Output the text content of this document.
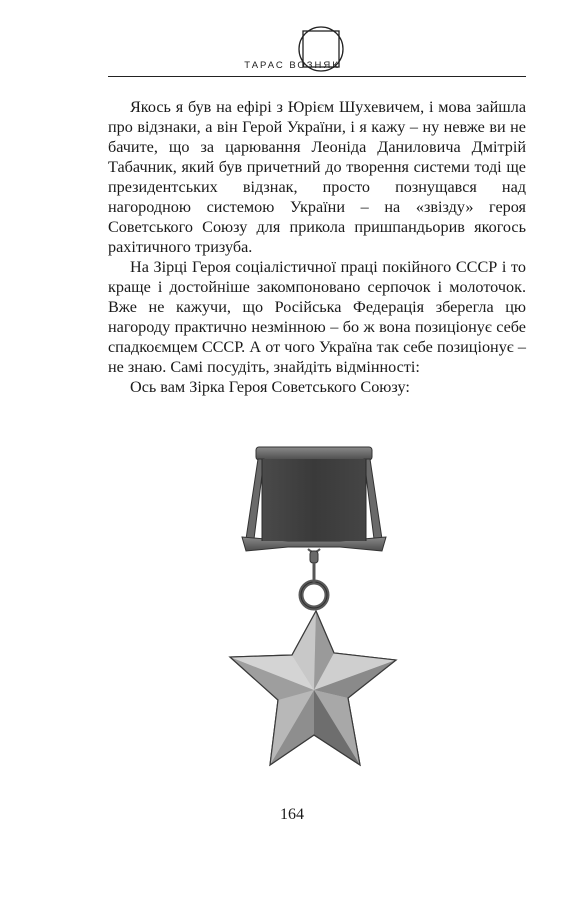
ТАРАС ВОЗНЯК

Якось я був на ефірі з Юрієм Шухевичем, і мова зайшла про відзнаки, а він Герой України, і я кажу – ну невже ви не бачите, що за царювання Леоніда Даниловича Дмітрій Табачник, який був причетний до творення системи тоді ще президентських відзнак, просто познущався над нагородною системою України – на «звізду» героя Советського Союзу для прикола пришпандьорив якогось рахітичного тризуба.

На Зірці Героя соціалістичної праці покійного СССР і то краще і достойніше закомпоновано серпочок і молоточок. Вже не кажучи, що Російська Федерація зберегла цю нагороду практично незмінною – бо ж вона позиціонує себе спадкоємцем СССР. А от чого Україна так себе позиціонує – не знаю. Самі посудіть, знайдіть відмінності:

Ось вам Зірка Героя Советського Союзу:

164
